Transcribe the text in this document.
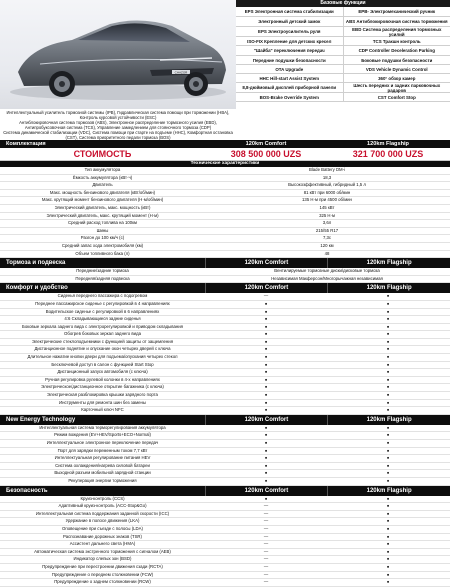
CHAZOR
Базовые функции
EPS Электронная система стабилизации	EPB- Электромеханический ручник
Электронный детский замок	ABS Антиблокировочная система торможения
EPS Электроусилитель руля	EBD Система распределения тормозных усилий
ISO-FIX Крепление для детских кресел	TCS Тракшн контроль
"Шайба" переключения передач	CDP Controller Deceleration Parking
Передние подушки безопасности	Боковые подушки безопасности
OTA Upgrade	VDS Vehicle Dynamic Control
HHC Hill-start Assist System	360° обзор камер
8,8-дюймовый дисплей приборной панели	Шесть передних и задних парковочных радаров
BOS-Brake Override System	CST Comfort Stop
Интеллектуальный усилитель тормозной системы (IPB), Гидравлическая система помощи при торможении (HBA), Контроль курсовой устойчивости (ESC)
Антиблокировочная система тормозов (ABS), Электронное распределение тормозного усилия (EBD), Антипробуксовочная система (TCS), Управление замедлением для стояночного тормоза (CDP)
Система динамической стабилизации (VDC), Система помощи при старте на подъеме (HHC), Комфортная остановка (CST), Система приоритетного педали тормоза (BOS)
Комплектация	120km Comfort	120km Flagship
СТОИМОСТЬ	308 500 000 UZS	321 700 000 UZS
Технические характеристики
Тип аккумулятора	Blade Battery DM-i
Ёмкость аккумулятора (кВт·ч)	18,3
Двигатель	Высокоэффективный, гибридный 1,5 л
Макс. мощность бензинового двигателя (кВт/об/мин)	81 кВт при 6000 об/мин
Макс. крутящий момент бензинового двигателя (Н·м/об/мин)	135 Н·м при 4500 об/мин
Электрический двигатель, макс. мощность (кВт)	145 кВт
Электрический двигатель, макс. крутящий момент (Н·м)	325 Н·м
Средний расход топлива на 100км	3,6л
Шины	215/55 R17
Разгон до 100 км/ч (с)	7,3с
Средний запас хода электромобиля (км)	120 км
Объем топливного бака (л)	48
Тормоза и подвеска	120km Comfort	120km Flagship
Передние/задние тормоза	Вентилируемые тормозные диски/дисковые тормоза
Передняя/задняя подвеска	Независимая Макферсон/Многорычажная независимая
Комфорт и удобство	120km Comfort	120km Flagship
Сиденья переднего пассажира с подогревом	—	●
Переднее пассажирское сиденье с регулировкой в 4 направлениях	●	●
Водительское сиденье с регулировкой в 6 направлениях	●	●
4:6 Складывающиеся задние сиденья	●	●
Боковые зеркала заднего вида с электрорегулировкой и приводом складывания	●	●
Обогрев боковых зеркал заднего вида	●	●
Электрические стеклоподъемники с функцией защиты от защемления	●	●
Дистанционное поднятие и опускание окон четырех дверей с ключа	●	●
Длительное нажатие кнопки двери для подъема/опускания четырех стекол	●	●
Бесключевой доступ в салон с функцией Start Stop	●	●
Дистанционный запуск автомобиля (с ключа)	●	●
Ручная регулировка рулевой колонки в 4-х направлениях	●	●
Электрическое/дистанционное открытие багажника (с ключа)	●	●
Электрическая разблокировка крышки зарядного порта	●	●
Инструменты для ремонта шин без замены	●	●
Карточный ключ NFC	●	●
New Energy Technology	120km Comfort	120km Flagship
Интеллектуальная система терморегулирования аккумулятора	●	●
Режим вождения (EV+HEV/Sports+ECO+Normal)	●	●
Интеллектуальное электронное переключение передач	●	●
Порт для зарядки переменным током 7,7 кВт	●	●
Интеллектуальная регулирование питания HEV	●	●
Система охлаждения/нагрева силовой батареи	●	●
Выходной разъем мобильной зарядной станции	●	●
Рекуперация энергии торможения	●	●
Безопасность	120km Comfort	120km Flagship
Круиз-контроль (CCS)	●	●
Адаптивный круиз-контроль (ACC-Stop&Go)	—	●
Интеллектуальная система поддержания заданной скорости (ICC)	—	●
Удержание в полосе движения (LKA)	—	●
Оповещение при съезде с полосы (LDA)	—	●
Распознавание дорожных знаков (TSR)	—	●
Ассистент дальнего света (HMA)	—	●
Автоматическая система экстренного торможения с сигналом (AEB)	—	●
Индикатор слепых зон (BSD)	—	●
Предупреждение при перестроении движения сзади (RCTA)	—	●
Предупреждение о переднем столкновении (FCW)	—	●
Предупреждение о заднем столкновении (RCW)	—	●
